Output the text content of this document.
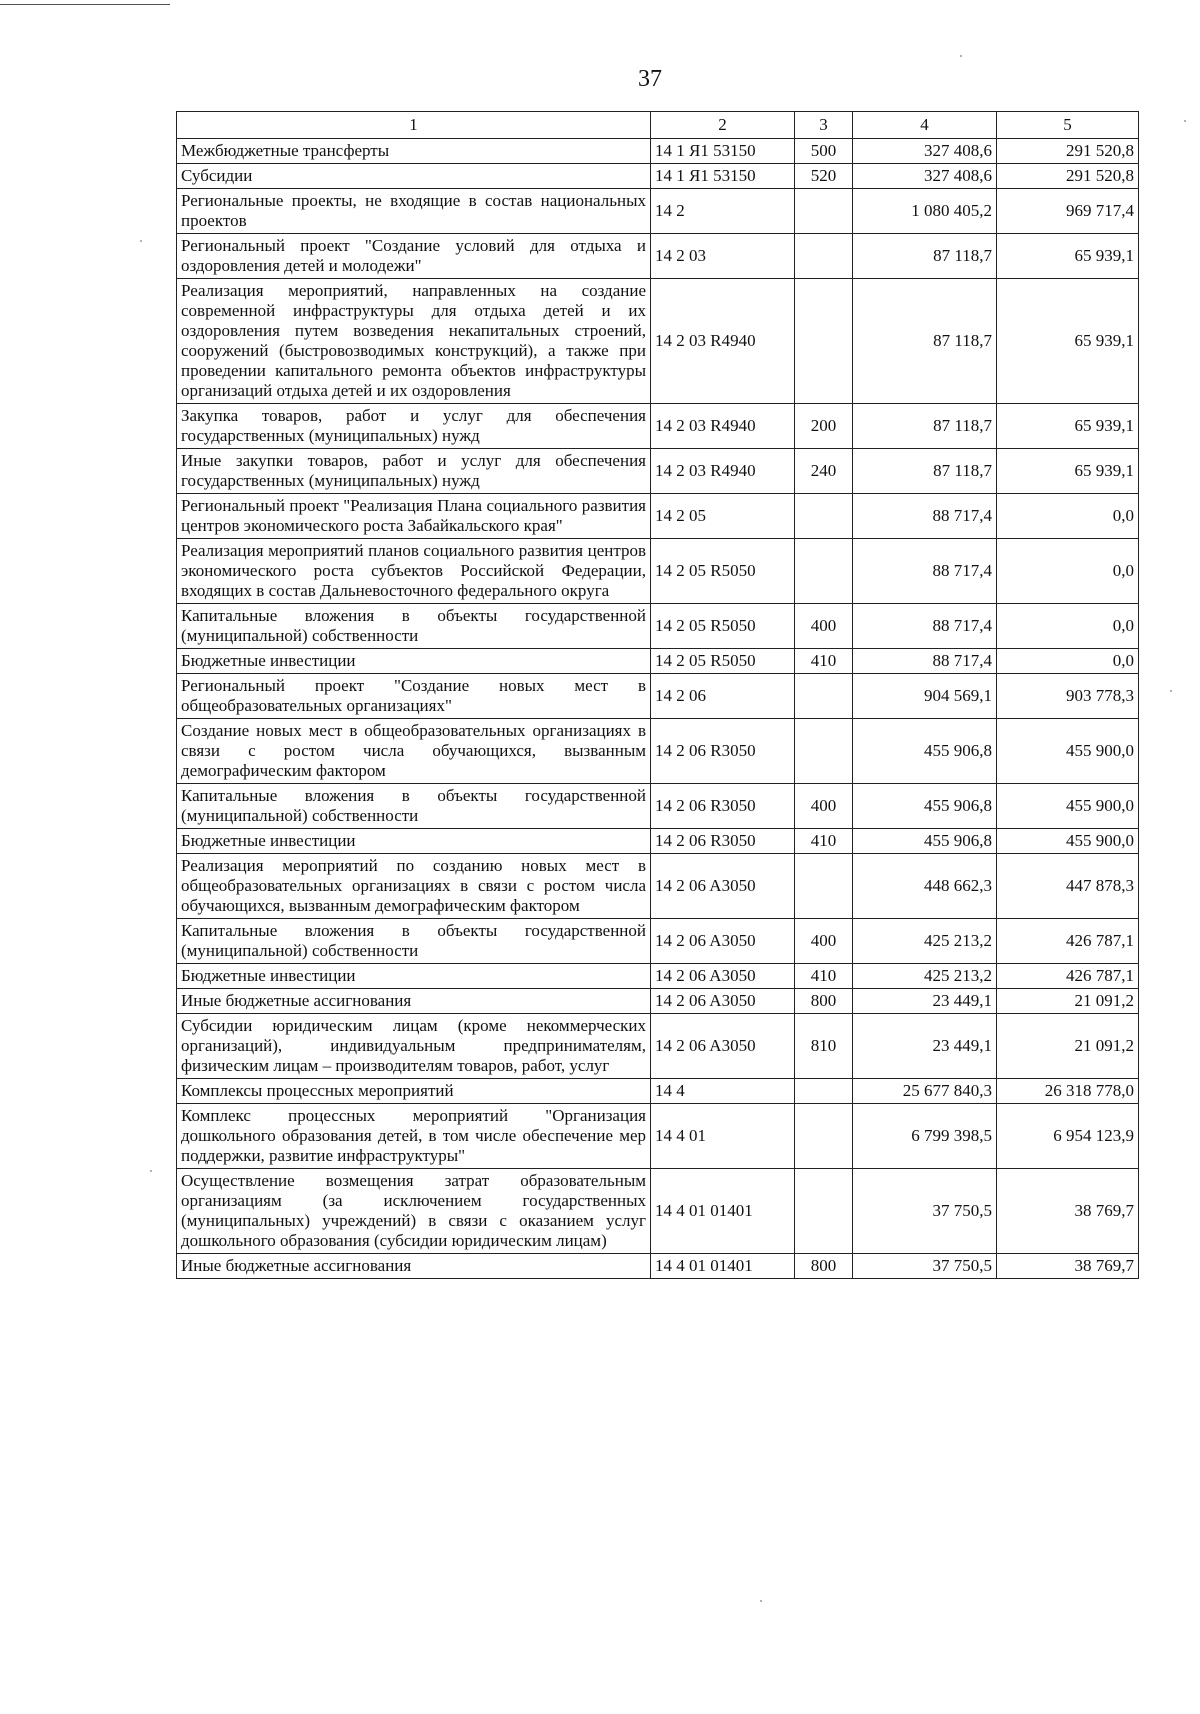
37
1	2	3	4	5
Межбюджетные трансферты	14 1 Я1 53150	500	327 408,6	291 520,8
Субсидии	14 1 Я1 53150	520	327 408,6	291 520,8
Региональные проекты, не входящие в состав национальных проектов	14 2		1 080 405,2	969 717,4
Региональный проект "Создание условий для отдыха и оздоровления детей и молодежи"	14 2 03		87 118,7	65 939,1
Реализация мероприятий, направленных на создание современной инфраструктуры для отдыха детей и их оздоровления путем возведения некапитальных строений, сооружений (быстровозводимых конструкций), а также при проведении капитального ремонта объектов инфраструктуры организаций отдыха детей и их оздоровления	14 2 03 R4940		87 118,7	65 939,1
Закупка товаров, работ и услуг для обеспечения государственных (муниципальных) нужд	14 2 03 R4940	200	87 118,7	65 939,1
Иные закупки товаров, работ и услуг для обеспечения государственных (муниципальных) нужд	14 2 03 R4940	240	87 118,7	65 939,1
Региональный проект "Реализация Плана социального развития центров экономического роста Забайкальского края"	14 2 05		88 717,4	0,0
Реализация мероприятий планов социального развития центров экономического роста субъектов Российской Федерации, входящих в состав Дальневосточного федерального округа	14 2 05 R5050		88 717,4	0,0
Капитальные вложения в объекты государственной (муниципальной) собственности	14 2 05 R5050	400	88 717,4	0,0
Бюджетные инвестиции	14 2 05 R5050	410	88 717,4	0,0
Региональный проект "Создание новых мест в общеобразовательных организациях"	14 2 06		904 569,1	903 778,3
Создание новых мест в общеобразовательных организациях в связи с ростом числа обучающихся, вызванным демографическим фактором	14 2 06 R3050		455 906,8	455 900,0
Капитальные вложения в объекты государственной (муниципальной) собственности	14 2 06 R3050	400	455 906,8	455 900,0
Бюджетные инвестиции	14 2 06 R3050	410	455 906,8	455 900,0
Реализация мероприятий по созданию новых мест в общеобразовательных организациях в связи с ростом числа обучающихся, вызванным демографическим фактором	14 2 06 A3050		448 662,3	447 878,3
Капитальные вложения в объекты государственной (муниципальной) собственности	14 2 06 A3050	400	425 213,2	426 787,1
Бюджетные инвестиции	14 2 06 A3050	410	425 213,2	426 787,1
Иные бюджетные ассигнования	14 2 06 A3050	800	23 449,1	21 091,2
Субсидии юридическим лицам (кроме некоммерческих организаций), индивидуальным предпринимателям, физическим лицам – производителям товаров, работ, услуг	14 2 06 A3050	810	23 449,1	21 091,2
Комплексы процессных мероприятий	14 4		25 677 840,3	26 318 778,0
Комплекс процессных мероприятий "Организация дошкольного образования детей, в том числе обеспечение мер поддержки, развитие инфраструктуры"	14 4 01		6 799 398,5	6 954 123,9
Осуществление возмещения затрат образовательным организациям (за исключением государственных (муниципальных) учреждений) в связи с оказанием услуг дошкольного образования (субсидии юридическим лицам)	14 4 01 01401		37 750,5	38 769,7
Иные бюджетные ассигнования	14 4 01 01401	800	37 750,5	38 769,7
